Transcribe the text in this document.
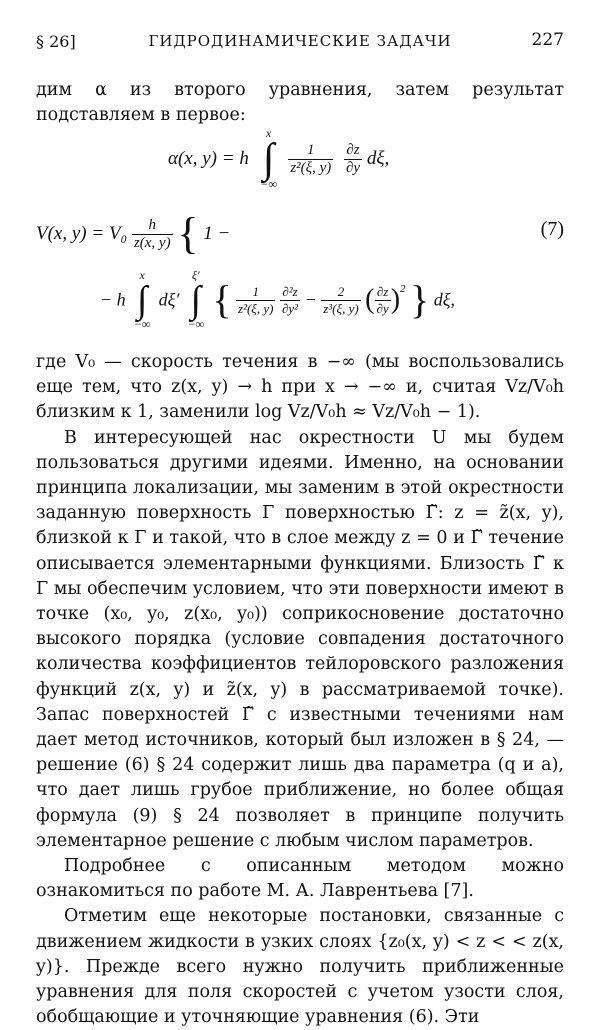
§ 26]	ГИДРОДИНАМИЧЕСКИЕ ЗАДАЧИ	227

дим α из второго уравнения, затем результат подставляем в первое:

α(x, y) = h
x
∫
−∞

$\frac{1}{\text{z²(ξ, y)}}$
$\frac{\partial z}{\partial y} d\xi$,
V(x, $y) = V_0 \frac{h}{z(x, y)}$ { 1 −	(7)
− h
x
∫
−∞
dξ′
ξ′
∫
−∞
{ $\frac{1}{\text{z²(ξ, y)}}$
$\frac{\text{∂²z}}{\text{∂y²}} - \frac{2}{\text{z³(ξ, y)}}$ ( $\frac{\partial z}{\partial y} )^2$ } dξ,

где V₀ — скорость течения в −∞ (мы воспользовались еще тем, что z(x, y) → h при x → −∞ и, считая Vz/V₀h близким к 1, заменили log Vz/V₀h ≈ Vz/V₀h − 1).

В интересующей нас окрестности U мы будем пользоваться другими идеями. Именно, на основании принципа локализации, мы заменим в этой окрестности заданную поверхность Γ поверхностью Γ̃: z = z̃(x, y), близкой к Γ и такой, что в слое между z = 0 и Γ̃ течение описывается элементарными функциями. Близость Γ̃ к Γ мы обеспечим условием, что эти поверхности имеют в точке (x₀, y₀, z(x₀, y₀)) соприкосновение достаточно высокого порядка (условие совпадения достаточного количества коэффициентов тейлоровского разложения функций z(x, y) и z̃(x, y) в рассматриваемой точке). Запас поверхностей Γ̃ с известными течениями нам дает метод источников, который был изложен в § 24, — решение (6) § 24 содержит лишь два параметра (q и a), что дает лишь грубое приближение, но более общая формула (9) § 24 позволяет в принципе получить элементарное решение с любым числом параметров.

Подробнее с описанным методом можно ознакомиться по работе М. А. Лаврентьева [7].

Отметим еще некоторые постановки, связанные с движением жидкости в узких слоях {z₀(x, y) < z < < z(x, y)}. Прежде всего нужно получить приближенные уравнения для поля скоростей с учетом узости слоя, обобщающие и уточняющие уравнения (6). Эти
